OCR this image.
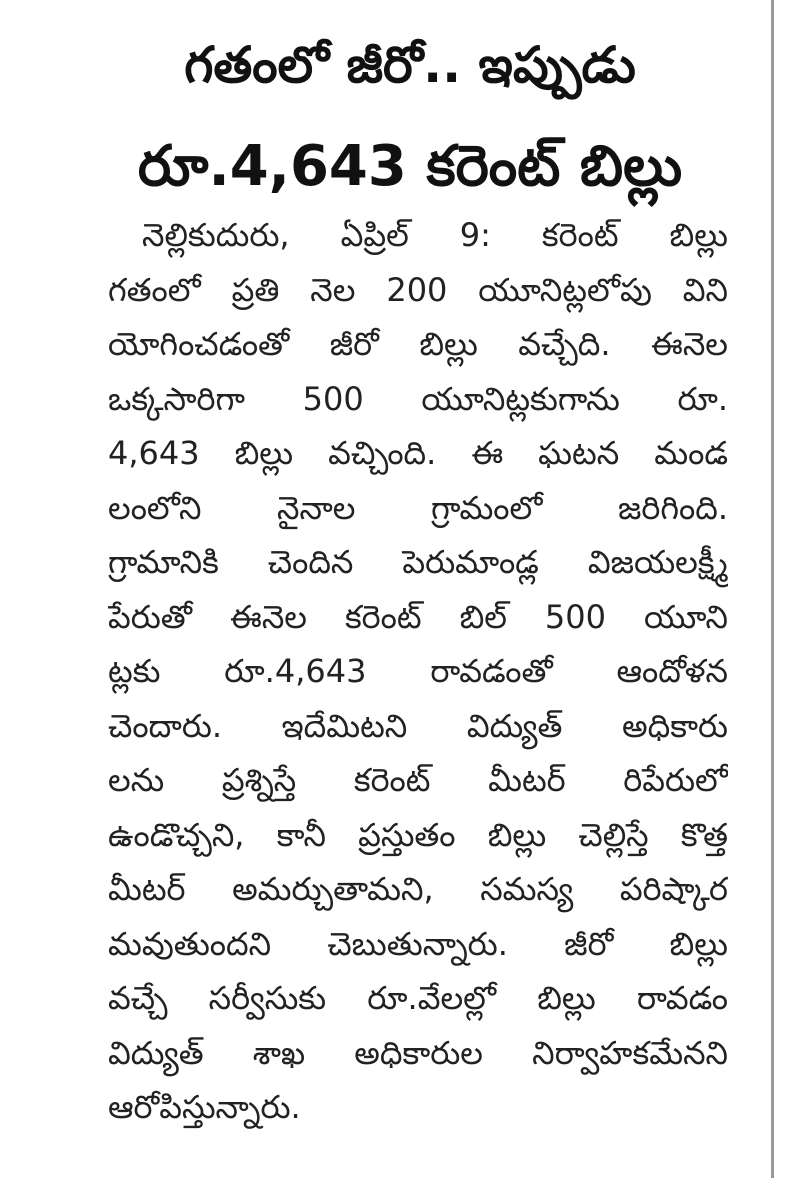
గతంలో జీరో.. ఇప్పుడు
రూ.4,643 కరెంట్ బిల్లు
నెల్లికుదురు, ఏప్రిల్ 9: కరెంట్ బిల్లు
గతంలో ప్రతి నెల 200 యూనిట్లలోపు విని
యోగించడంతో జీరో బిల్లు వచ్చేది. ఈనెల
ఒక్కసారిగా 500 యూనిట్లకుగాను రూ.
4,643 బిల్లు వచ్చింది. ఈ ఘటన మండ
లంలోని నైనాల గ్రామంలో జరిగింది.
గ్రామానికి చెందిన పెరుమాండ్ల విజయలక్ష్మీ
పేరుతో ఈనెల కరెంట్ బిల్ 500 యూని
ట్లకు రూ.4,643 రావడంతో ఆందోళన
చెందారు. ఇదేమిటని విద్యుత్ అధికారు
లను ప్రశ్నిస్తే కరెంట్ మీటర్ రిపేరులో
ఉండొచ్చని, కానీ ప్రస్తుతం బిల్లు చెల్లిస్తే కొత్త
మీటర్ అమర్చుతామని, సమస్య పరిష్కార
మవుతుందని చెబుతున్నారు. జీరో బిల్లు
వచ్చే సర్వీసుకు రూ.వేలల్లో బిల్లు రావడం
విద్యుత్ శాఖ అధికారుల నిర్వాహకమేనని
ఆరోపిస్తున్నారు.
